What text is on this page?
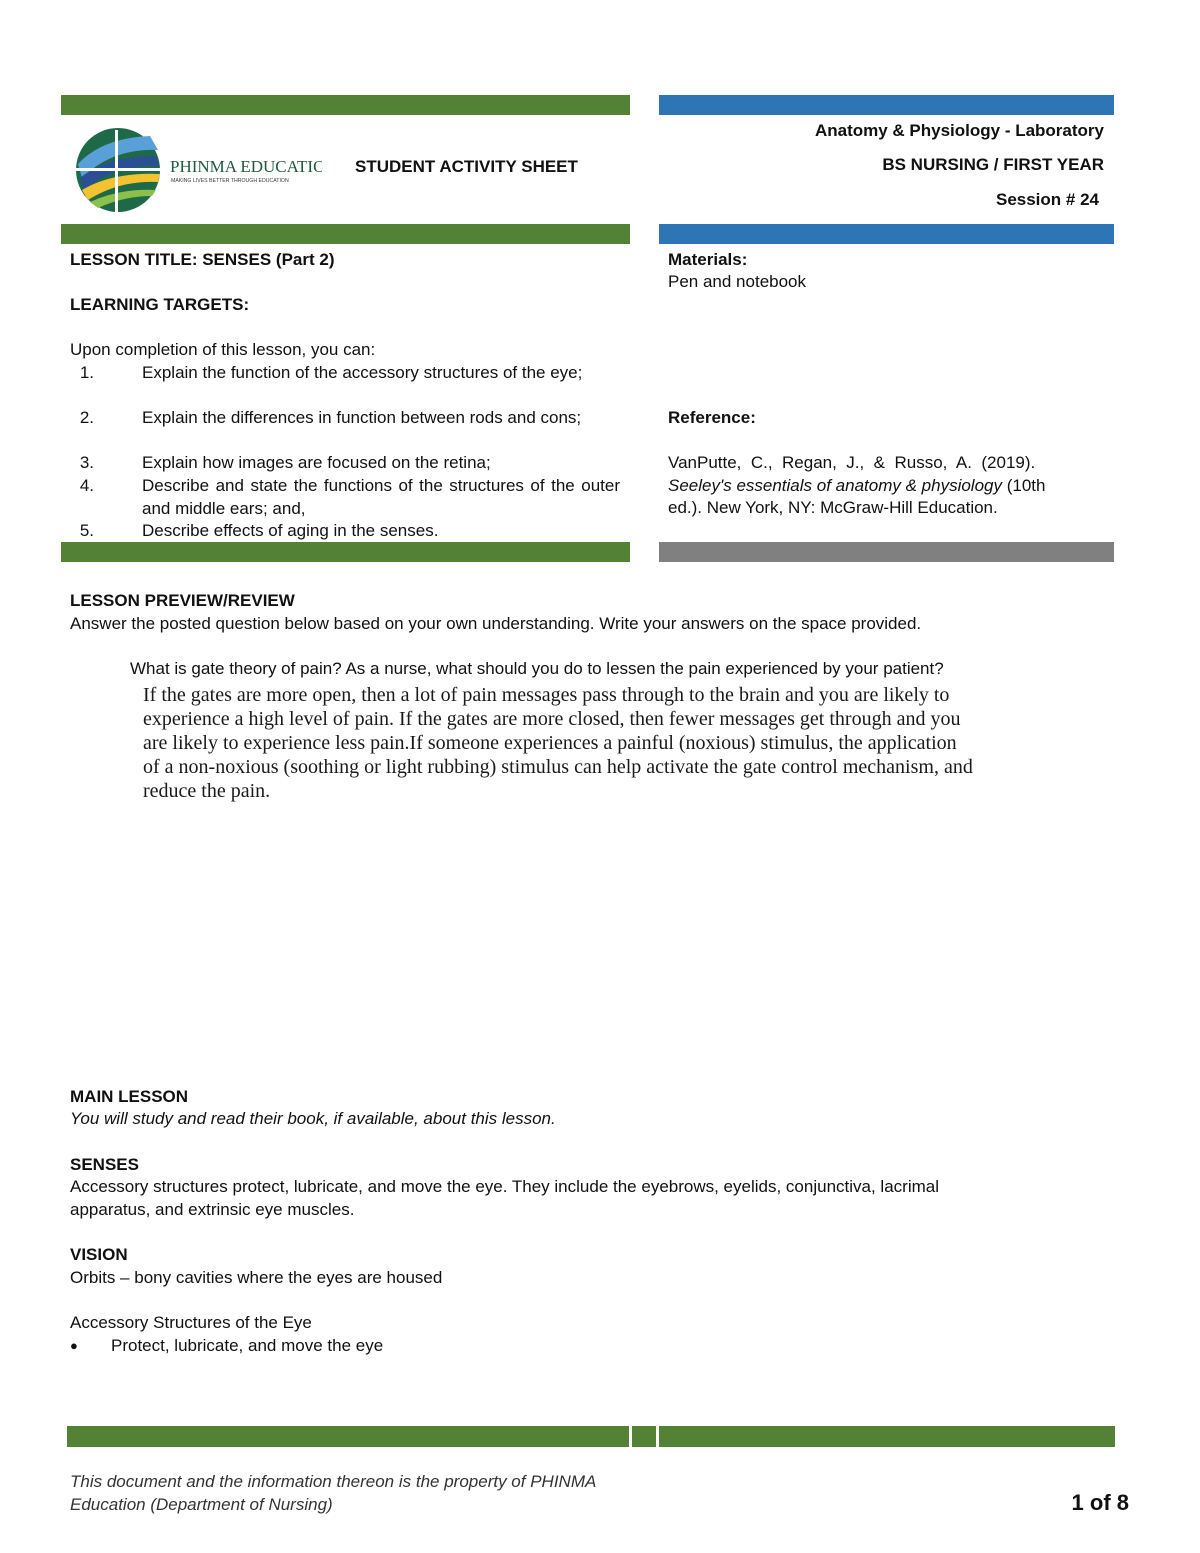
PHINMA EDUCATION
MAKING LIVES BETTER THROUGH EDUCATION
STUDENT ACTIVITY SHEET
Anatomy & Physiology - Laboratory
BS NURSING / FIRST YEAR
Session # 24
LESSON TITLE: SENSES (Part 2)
LEARNING TARGETS:
Upon completion of this lesson, you can:
1.	Explain the function of the accessory structures of the eye;
2.	Explain the differences in function between rods and cons;
3.	Explain how images are focused on the retina;
4.	Describe and state the functions of the structures of the outer and middle ears; and,
5.	Describe effects of aging in the senses.
Materials:
Pen and notebook
Reference:
VanPutte,  C.,  Regan,  J.,  &  Russo,  A.  (2019).
Seeley's essentials of anatomy & physiology (10th
ed.). New York, NY: McGraw-Hill Education.
LESSON PREVIEW/REVIEW
Answer the posted question below based on your own understanding. Write your answers on the space provided.
What is gate theory of pain? As a nurse, what should you do to lessen the pain experienced by your patient?
If the gates are more open, then a lot of pain messages pass through to the brain and you are likely to
experience a high level of pain. If the gates are more closed, then fewer messages get through and you
are likely to experience less pain.If someone experiences a painful (noxious) stimulus, the application
of a non-noxious (soothing or light rubbing) stimulus can help activate the gate control mechanism, and
reduce the pain.
MAIN LESSON
You will study and read their book, if available, about this lesson.
SENSES
Accessory structures protect, lubricate, and move the eye. They include the eyebrows, eyelids, conjunctiva, lacrimal
apparatus, and extrinsic eye muscles.
VISION
Orbits – bony cavities where the eyes are housed
Accessory Structures of the Eye
● Protect, lubricate, and move the eye
This document and the information thereon is the property of PHINMA
Education (Department of Nursing)	1 of 8
